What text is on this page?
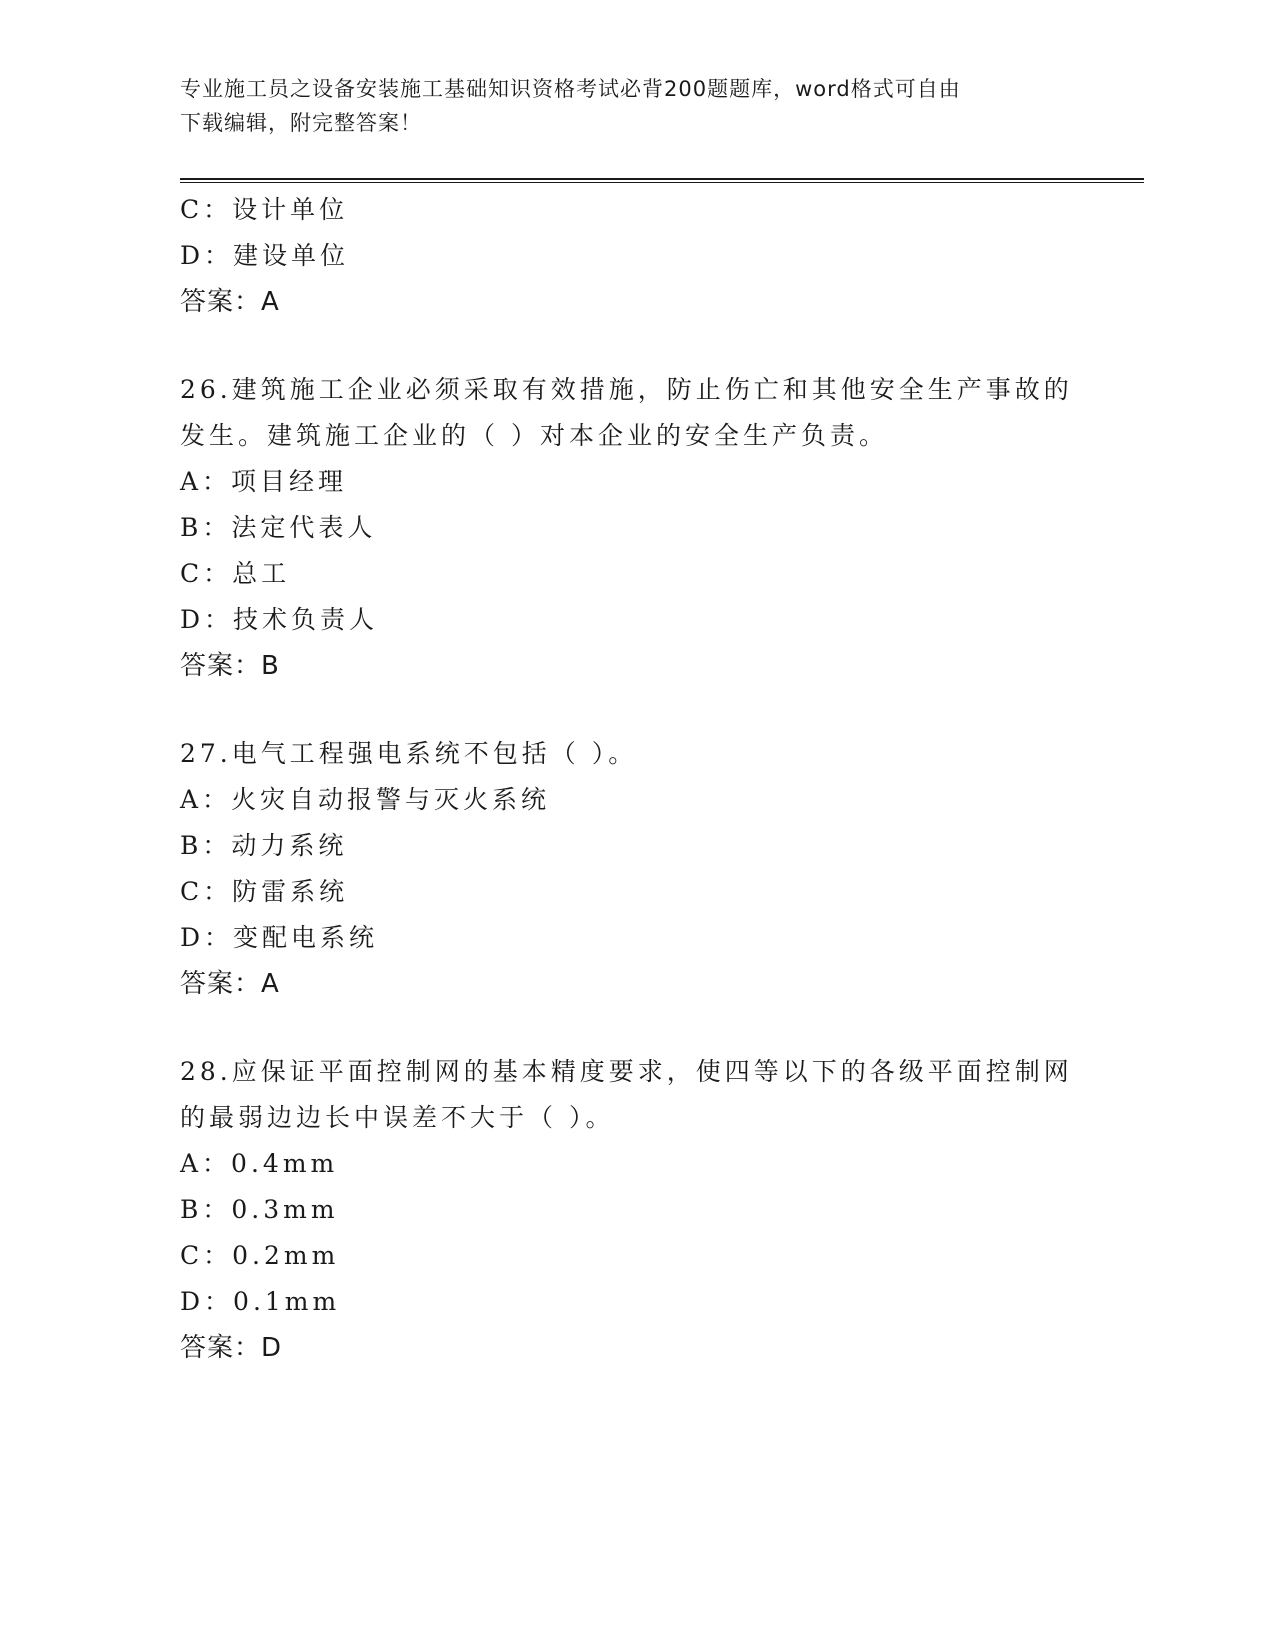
专业施工员之设备安装施工基础知识资格考试必背200题题库，word格式可自由
下载编辑，附完整答案！
C：设计单位
D：建设单位
答案：A
26.建筑施工企业必须采取有效措施，防止伤亡和其他安全生产事故的
发生。建筑施工企业的（ ）对本企业的安全生产负责。
A：项目经理
B：法定代表人
C：总工
D：技术负责人
答案：B
27.电气工程强电系统不包括（ ）。
A：火灾自动报警与灭火系统
B：动力系统
C：防雷系统
D：变配电系统
答案：A
28.应保证平面控制网的基本精度要求，使四等以下的各级平面控制网
的最弱边边长中误差不大于（ ）。
A：0.4mm
B：0.3mm
C：0.2mm
D：0.1mm
答案：D
